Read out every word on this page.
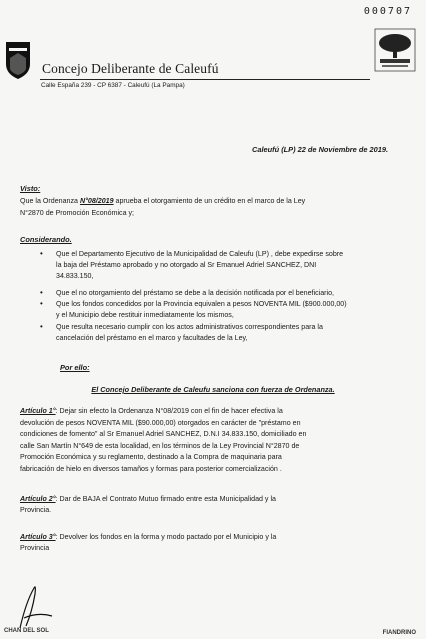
000707
Concejo Deliberante de Caleufú
Calle España 239 - CP 6387 - Caleufú (La Pampa)
Caleufú (LP) 22 de Noviembre de 2019.
Visto:
Que la Ordenanza N°08/2019 aprueba el otorgamiento de un crédito en el marco de la Ley
N°2870 de Promoción Económica y;
Considerando.
• Que el Departamento Ejecutivo de la Municipalidad de Caleufu (LP) , debe expedirse sobre
la baja del Préstamo aprobado y no otorgado al Sr Emanuel Adriel SANCHEZ, DNI
34.833.150,
• Que el no otorgamiento del préstamo se debe a la decisión notificada por el beneficiario,
• Que los fondos concedidos por la Provincia equivalen a pesos NOVENTA MIL ($900.000,00)
y el Municipio debe restituir inmediatamente los mismos,
• Que resulta necesario cumplir con los actos administrativos correspondientes para la
cancelación del préstamo en el marco y facultades de la Ley,
Por ello:
El Concejo Deliberante de Caleufu sanciona con fuerza de Ordenanza.
Artículo 1°: Dejar sin efecto la Ordenanza N°08/2019 con el fin de hacer efectiva la
devolución de pesos NOVENTA MIL ($90.000,00) otorgados en carácter de "préstamo en
condiciones de fomento" al Sr Emanuel Adriel SANCHEZ, D.N.I 34.833.150, domiciliado en
calle San Martín N°649 de esta localidad, en los términos de la Ley Provincial N°2870 de
Promoción Económica y su reglamento, destinado a la Compra de maquinaria para
fabricación de hielo en diversos tamaños y formas para posterior comercialización .
Artículo 2°: Dar de BAJA el Contrato Mutuo firmado entre esta Municipalidad y la
Provincia.
Artículo 3°: Devolver los fondos en la forma y modo pactado por el Municipio y la
Provincia
CHAN DEL SOL	FIANDRINO
